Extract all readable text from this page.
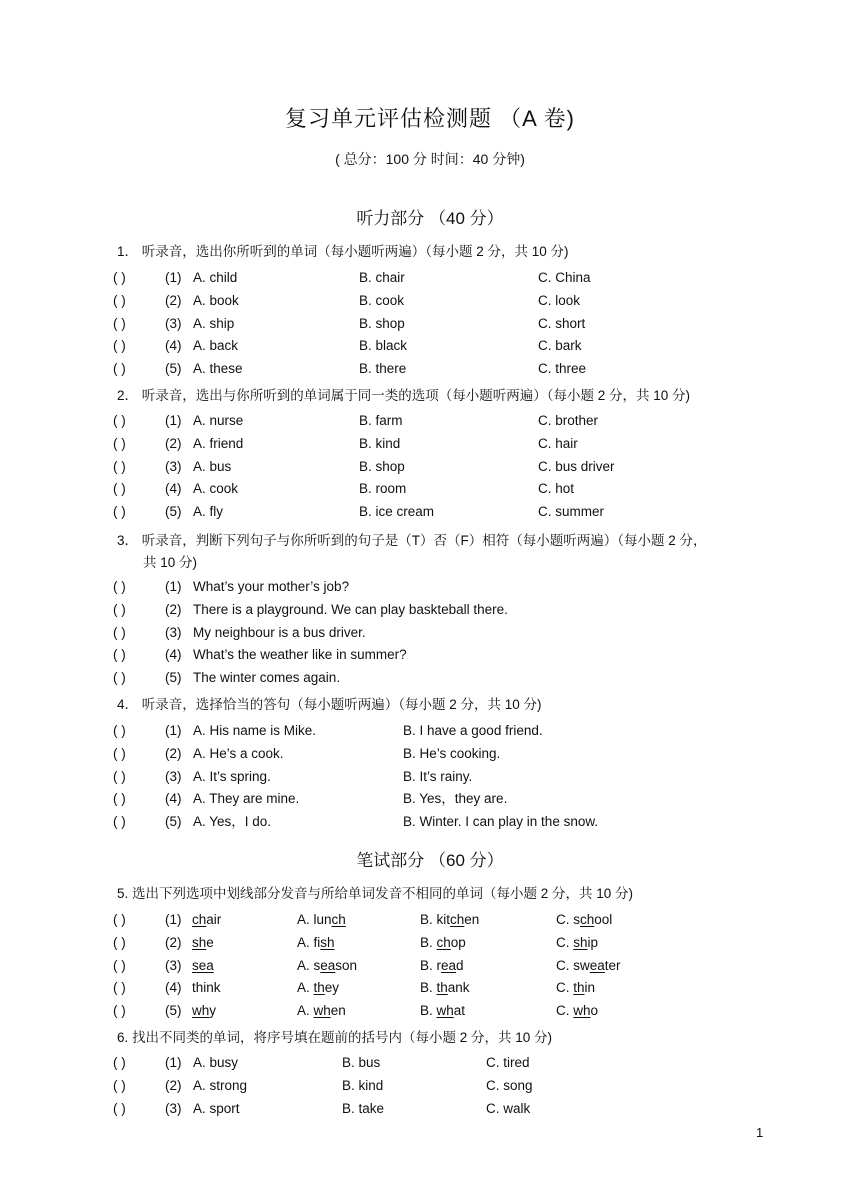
复习单元评估检测题 （A 卷)
( 总分：100 分 时间：40 分钟)
听力部分 （40 分）
1． 听录音，选出你所听到的单词（每小题听两遍）（每小题 2 分，共 10 分)
2． 听录音，选出与你所听到的单词属于同一类的选项（每小题听两遍）（每小题 2 分，共 10 分)
3． 听录音，判断下列句子与你所听到的句子是（T）否（F）相符（每小题听两遍）（每小题 2 分，
共 10 分)
4． 听录音，选择恰当的答句（每小题听两遍）（每小题 2 分，共 10 分)
笔试部分 （60 分）
5. 选出下列选项中划线部分发音与所给单词发音不相同的单词（每小题 2 分，共 10 分)
6. 找出不同类的单词，将序号填在题前的括号内（每小题 2 分，共 10 分)
1
( )	(1) A. child	B. chair	C. China
( )	(2) A. book	B. cook	C. look
( )	(3) A. ship	B. shop	C. short
( )	(4) A. back	B. black	C. bark
( )	(5) A. these	B. there	C. three
( )	(1) A. nurse	B. farm	C. brother
( )	(2) A. friend	B. kind	C. hair
( )	(3) A. bus	B. shop	C. bus driver
( )	(4) A. cook	B. room	C. hot
( )	(5) A. fly	B. ice cream	C. summer
( )	(1) What’s your mother’s job?
( )	(2) There is a playground. We can play baskteball there.
( )	(3) My neighbour is a bus driver.
( )	(4) What’s the weather like in summer?
( )	(5) The winter comes again.
( )	(1) A. His name is Mike.	B. I have a good friend.
( )	(2) A. He’s a cook.	B. He’s cooking.
( )	(3) A. It’s spring.	B. It’s rainy.
( )	(4) A. They are mine.	B. Yes，they are.
( )	(5) A. Yes，I do.	B. Winter. I can play in the snow.
( )	(1) A. busy	B. bus	C. tired
( )	(2) A. strong	B. kind	C. song
( )	(3) A. sport	B. take	C. walk
( )	(1) chair	A. lunch	B. kitchen	C. school
( )	(2) she	A. fish	B. chop	C. ship
( )	(3) sea	A. season	B. read	C. sweater
( )	(4) think	A. they	B. thank	C. thin
( )	(5) why	A. when	B. what	C. who
